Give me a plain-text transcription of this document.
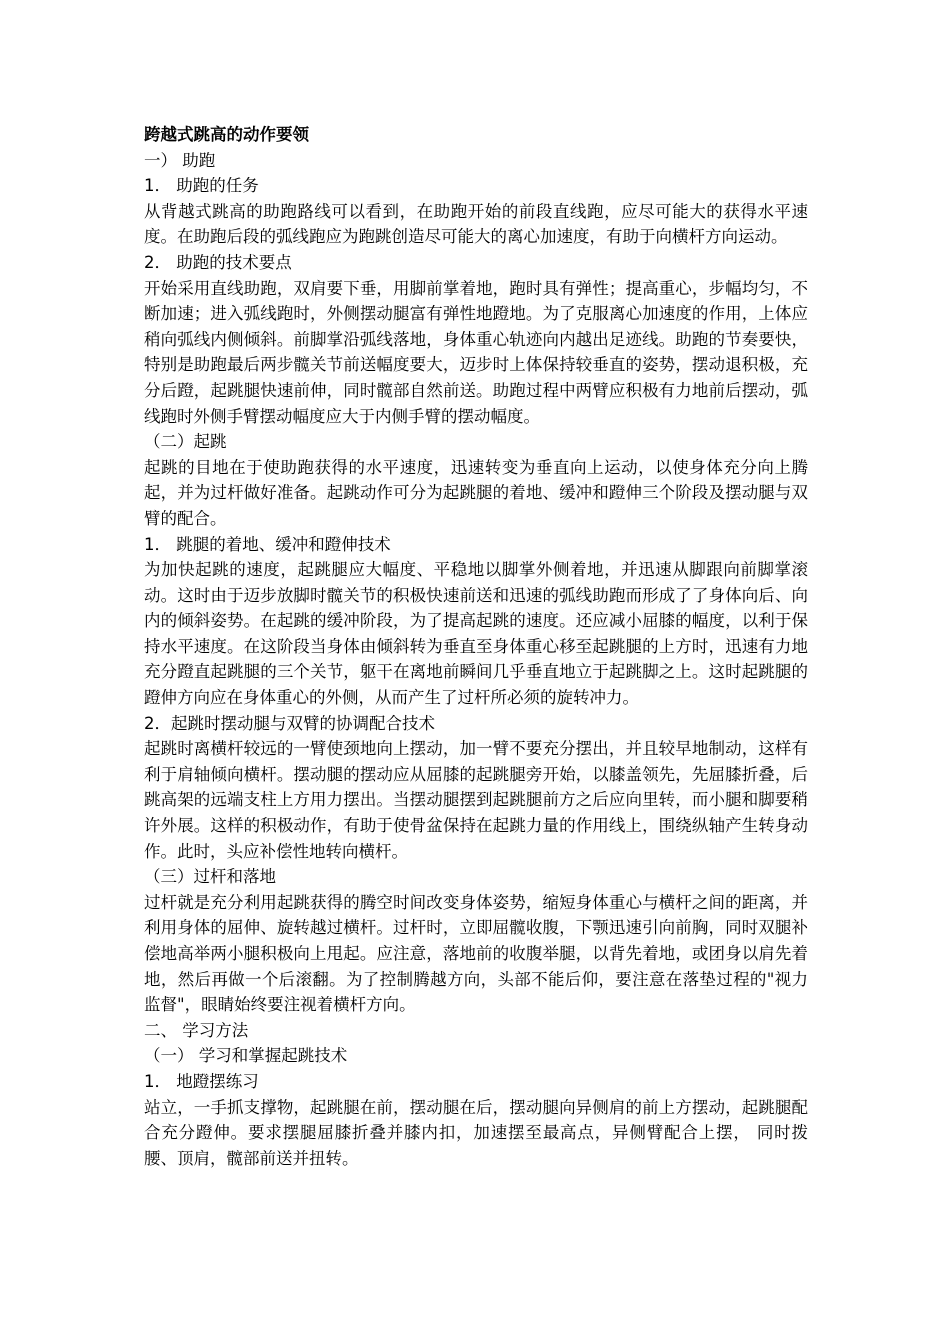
跨越式跳高的动作要领
一） 助跑
1． 助跑的任务
从背越式跳高的助跑路线可以看到，在助跑开始的前段直线跑，应尽可能大的获得水平速度。在助跑后段的弧线跑应为跑跳创造尽可能大的离心加速度，有助于向横杆方向运动。
2． 助跑的技术要点
开始采用直线助跑，双肩要下垂，用脚前掌着地，跑时具有弹性；提高重心，步幅均匀，不断加速；进入弧线跑时，外侧摆动腿富有弹性地蹬地。为了克服离心加速度的作用，上体应稍向弧线内侧倾斜。前脚掌沿弧线落地，身体重心轨迹向内越出足迹线。助跑的节奏要快，特别是助跑最后两步髋关节前送幅度要大，迈步时上体保持较垂直的姿势，摆动退积极，充分后蹬，起跳腿快速前伸，同时髋部自然前送。助跑过程中两臂应积极有力地前后摆动，弧线跑时外侧手臂摆动幅度应大于内侧手臂的摆动幅度。
（二）起跳
起跳的目地在于使助跑获得的水平速度，迅速转变为垂直向上运动，以使身体充分向上腾起，并为过杆做好准备。起跳动作可分为起跳腿的着地、缓冲和蹬伸三个阶段及摆动腿与双臂的配合。
1． 跳腿的着地、缓冲和蹬伸技术
为加快起跳的速度，起跳腿应大幅度、平稳地以脚掌外侧着地，并迅速从脚跟向前脚掌滚动。这时由于迈步放脚时髋关节的积极快速前送和迅速的弧线助跑而形成了了身体向后、向内的倾斜姿势。在起跳的缓冲阶段，为了提高起跳的速度。还应减小屈膝的幅度，以利于保持水平速度。在这阶段当身体由倾斜转为垂直至身体重心移至起跳腿的上方时，迅速有力地充分蹬直起跳腿的三个关节，躯干在离地前瞬间几乎垂直地立于起跳脚之上。这时起跳腿的蹬伸方向应在身体重心的外侧，从而产生了过杆所必须的旋转冲力。
2．起跳时摆动腿与双臂的协调配合技术
起跳时离横杆较远的一臂使颈地向上摆动，加一臂不要充分摆出，并且较早地制动，这样有利于肩轴倾向横杆。摆动腿的摆动应从屈膝的起跳腿旁开始，以膝盖领先，先屈膝折叠，后跳高架的远端支柱上方用力摆出。当摆动腿摆到起跳腿前方之后应向里转，而小腿和脚要稍许外展。这样的积极动作，有助于使骨盆保持在起跳力量的作用线上，围绕纵轴产生转身动作。此时，头应补偿性地转向横杆。
（三）过杆和落地
过杆就是充分利用起跳获得的腾空时间改变身体姿势，缩短身体重心与横杆之间的距离，并利用身体的屈伸、旋转越过横杆。过杆时，立即屈髋收腹，下颚迅速引向前胸，同时双腿补偿地高举两小腿积极向上甩起。应注意，落地前的收腹举腿，以背先着地，或团身以肩先着地，然后再做一个后滚翻。为了控制腾越方向，头部不能后仰，要注意在落垫过程的"视力监督"，眼睛始终要注视着横杆方向。
二、 学习方法
（一） 学习和掌握起跳技术
1． 地蹬摆练习
站立，一手抓支撑物，起跳腿在前，摆动腿在后，摆动腿向异侧肩的前上方摆动，起跳腿配合充分蹬伸。要求摆腿屈膝折叠并膝内扣，加速摆至最高点，异侧臂配合上摆， 同时拨腰、顶肩，髋部前送并扭转。
